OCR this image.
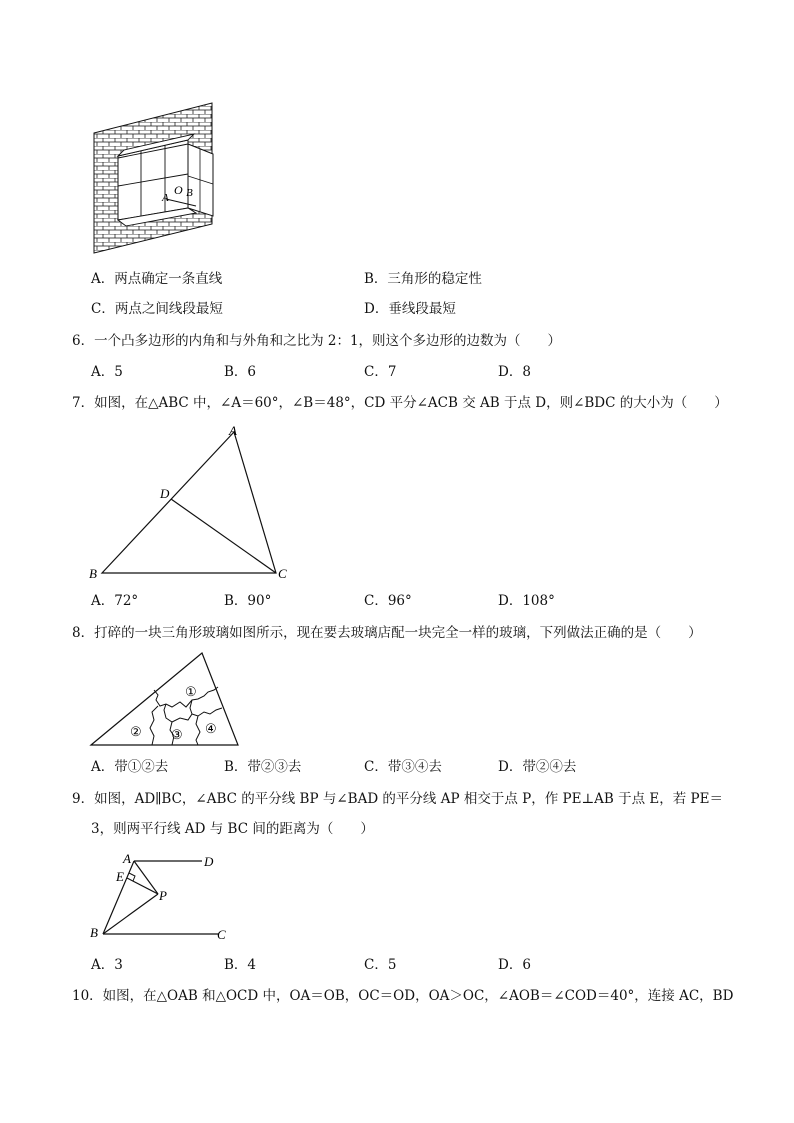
A
O B
A．两点确定一条直线	B．三角形的稳定性
C．两点之间线段最短	D．垂线段最短
6．一个凸多边形的内角和与外角和之比为 2：1，则这个多边形的边数为（　　）
A．5	B．6	C．7	D．8
7．如图，在△ABC 中，∠A＝60°，∠B＝48°，CD 平分∠ACB 交 AB 于点 D，则∠BDC 的大小为（　　）
A
D
B	C
A．72°	B．90°	C．96°	D．108°
8．打碎的一块三角形玻璃如图所示，现在要去玻璃店配一块完全一样的玻璃，下列做法正确的是（　　）
①
② ③ ④
A．带①②去	B．带②③去	C．带③④去	D．带②④去
9．如图，AD∥BC，∠ABC 的平分线 BP 与∠BAD 的平分线 AP 相交于点 P，作 PE⊥AB 于点 E，若 PE＝
3，则两平行线 AD 与 BC 间的距离为（　　）
A	D
E
P
B	C
A．3	B．4	C．5	D．6
10．如图，在△OAB 和△OCD 中，OA＝OB，OC＝OD，OA＞OC，∠AOB＝∠COD＝40°，连接 AC，BD
